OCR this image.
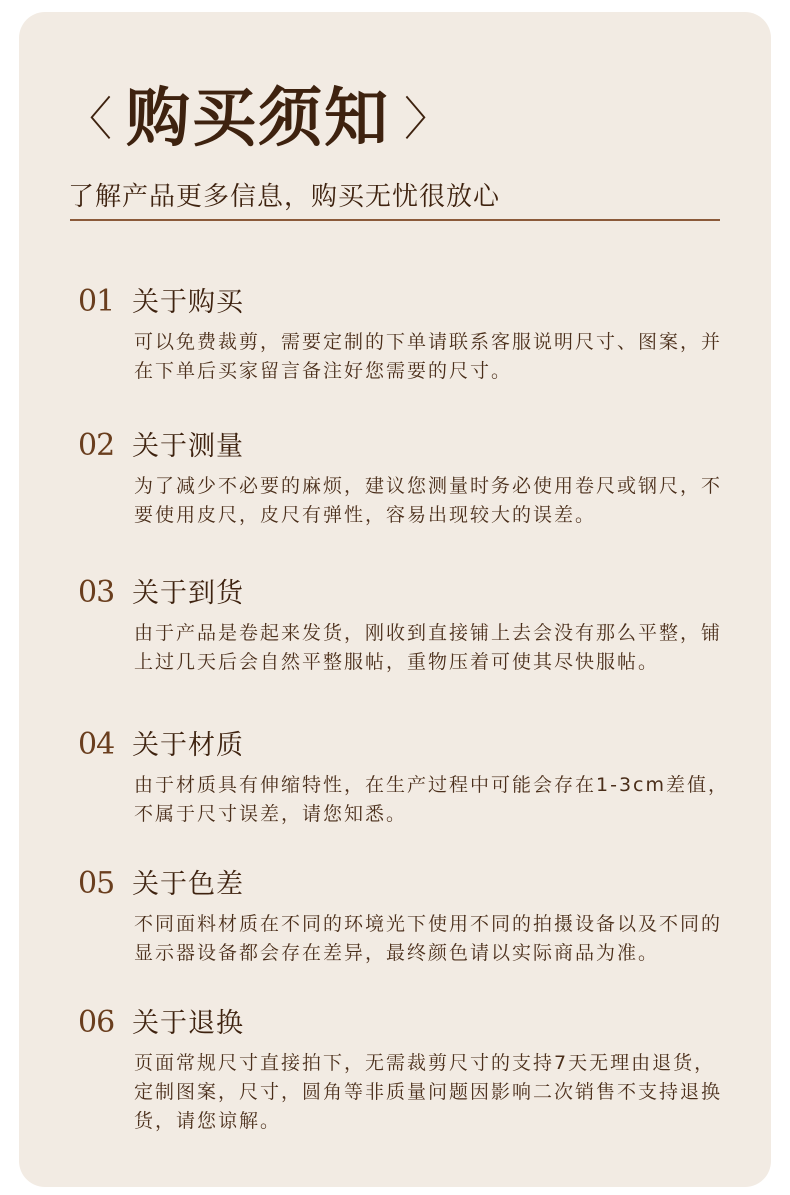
〈 购买须知 〉
了解产品更多信息，购买无忧很放心
01 关于购买
可以免费裁剪，需要定制的下单请联系客服说明尺寸、图案，并在下单后买家留言备注好您需要的尺寸。
02 关于测量
为了减少不必要的麻烦，建议您测量时务必使用卷尺或钢尺，不要使用皮尺，皮尺有弹性，容易出现较大的误差。
03 关于到货
由于产品是卷起来发货，刚收到直接铺上去会没有那么平整，铺上过几天后会自然平整服帖，重物压着可使其尽快服帖。
04 关于材质
由于材质具有伸缩特性，在生产过程中可能会存在1-3cm差值，不属于尺寸误差，请您知悉。
05 关于色差
不同面料材质在不同的环境光下使用不同的拍摄设备以及不同的显示器设备都会存在差异，最终颜色请以实际商品为准。
06 关于退换
页面常规尺寸直接拍下，无需裁剪尺寸的支持7天无理由退货，定制图案，尺寸，圆角等非质量问题因影响二次销售不支持退换货，请您谅解。
